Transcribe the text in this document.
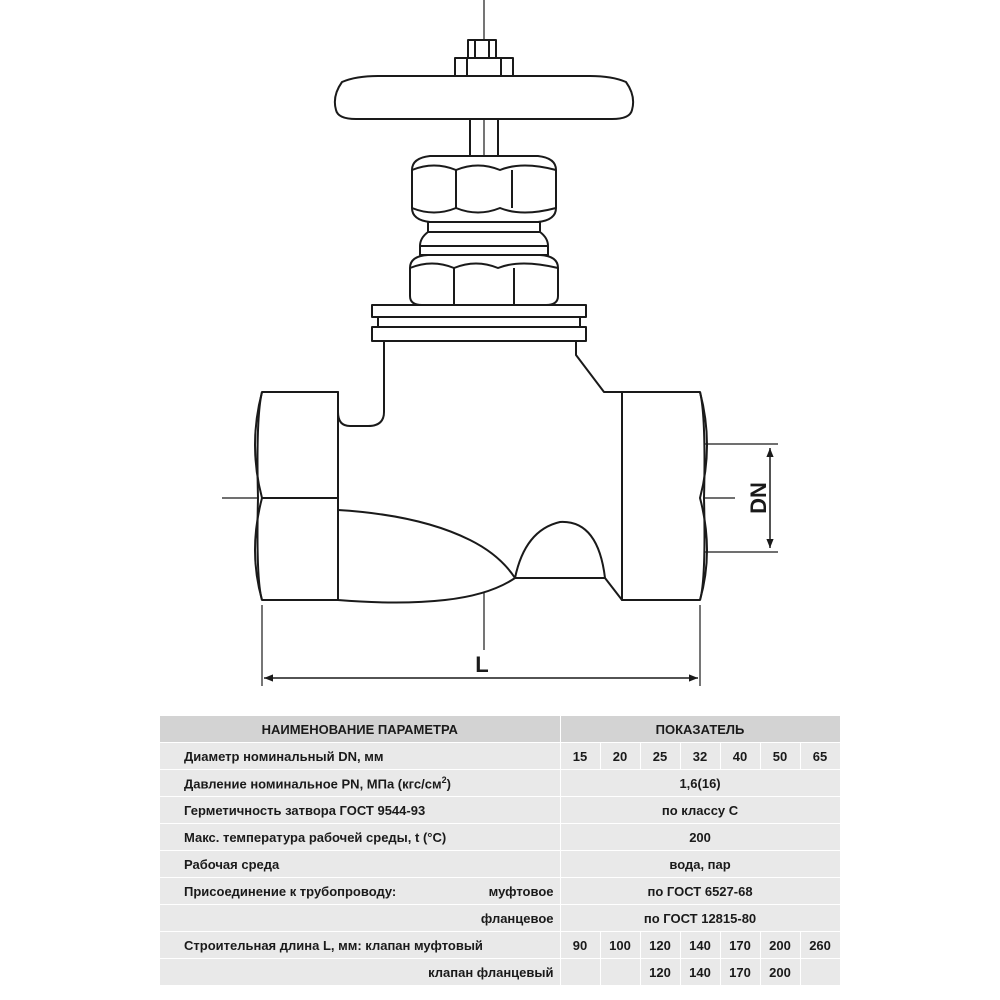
DN
L
НАИМЕНОВАНИЕ ПАРАМЕТРА	ПОКАЗАТЕЛЬ						
Диаметр номинальный DN, мм	15	20	25	32	40	50	65
Давление номинальное PN, МПа $(кгс/см^2)$	1,6(16)						
Герметичность затвора ГОСТ 9544-93	по классу С						
Макс. температура рабочей среды, t (°С)	200						
Рабочая среда	вода, пар						
Присоединение к трубопроводу: муфтовое	по ГОСТ 6527-68						
фланцевое	по ГОСТ 12815-80						
Строительная длина L, мм: клапан муфтовый	90	100	120	140	170	200	260
клапан фланцевый			120	140	170	200	
